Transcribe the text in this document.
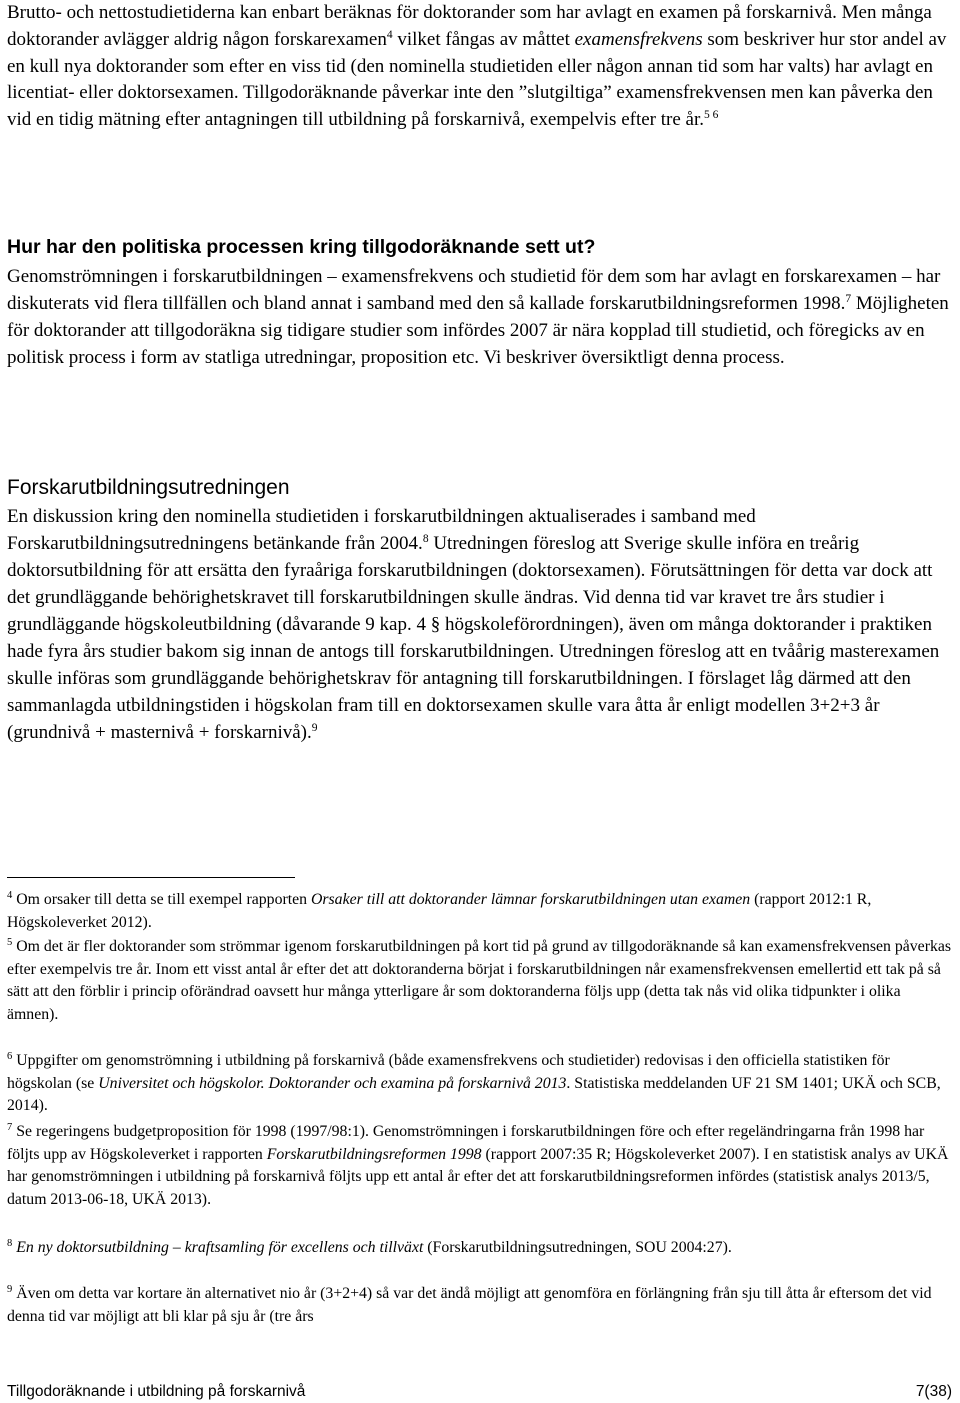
Brutto- och nettostudietiderna kan enbart beräknas för doktorander som har avlagt en examen på forskarnivå. Men många doktorander avlägger aldrig någon forskarexamen$^4$ vilket fångas av måttet examensfrekvens som beskriver hur stor andel av en kull nya doktorander som efter en viss tid (den nominella studietiden eller någon annan tid som har valts) har avlagt en licentiat- eller doktorsexamen. Tillgodoräknande påverkar inte den ”slutgiltiga” examensfrekvensen men kan påverka den vid en tidig mätning efter antagningen till utbildning på forskarnivå, exempelvis efter tre år.$^{5 6}$

Hur har den politiska processen kring tillgodoräknande sett ut?

Genomströmningen i forskarutbildningen – examensfrekvens och studietid för dem som har avlagt en forskarexamen – har diskuterats vid flera tillfällen och bland annat i samband med den så kallade forskarutbildningsreformen 1998.$^7$ Möjligheten för doktorander att tillgodoräkna sig tidigare studier som infördes 2007 är nära kopplad till studietid, och föregicks av en politisk process i form av statliga utredningar, proposition etc. Vi beskriver översiktligt denna process.

Forskarutbildningsutredningen

En diskussion kring den nominella studietiden i forskarutbildningen aktualiserades i samband med Forskarutbildningsutredningens betänkande från 2004.$^8$ Utredningen föreslog att Sverige skulle införa en treårig doktorsutbildning för att ersätta den fyraåriga forskarutbildningen (doktorsexamen). Förutsättningen för detta var dock att det grundläggande behörighetskravet till forskarutbildningen skulle ändras. Vid denna tid var kravet tre års studier i grundläggande högskoleutbildning (dåvarande 9 kap. 4 § högskoleförordningen), även om många doktorander i praktiken hade fyra års studier bakom sig innan de antogs till forskarutbildningen. Utredningen föreslog att en tvåårig masterexamen skulle införas som grundläggande behörighetskrav för antagning till forskarutbildningen. I förslaget låg därmed att den sammanlagda utbildningstiden i högskolan fram till en doktorsexamen skulle vara åtta år enligt modellen 3+2+3 år (grundnivå + masternivå + forskarnivå).$^9$

$^4$ Om orsaker till detta se till exempel rapporten Orsaker till att doktorander lämnar forskarutbildningen utan examen (rapport 2012:1 R, Högskoleverket 2012).

$^5$ Om det är fler doktorander som strömmar igenom forskarutbildningen på kort tid på grund av tillgodoräknande så kan examensfrekvensen påverkas efter exempelvis tre år. Inom ett visst antal år efter det att doktoranderna börjat i forskarutbildningen når examensfrekvensen emellertid ett tak på så sätt att den förblir i princip oförändrad oavsett hur många ytterligare år som doktoranderna följs upp (detta tak nås vid olika tidpunkter i olika ämnen).

$^6$ Uppgifter om genomströmning i utbildning på forskarnivå (både examensfrekvens och studietider) redovisas i den officiella statistiken för högskolan (se Universitet och högskolor. Doktorander och examina på forskarnivå 2013. Statistiska meddelanden UF 21 SM 1401; UKÄ och SCB, 2014).

$^7$ Se regeringens budgetproposition för 1998 (1997/98:1). Genomströmningen i forskarutbildningen före och efter regeländringarna från 1998 har följts upp av Högskoleverket i rapporten Forskarutbildningsreformen 1998 (rapport 2007:35 R; Högskoleverket 2007). I en statistisk analys av UKÄ har genomströmningen i utbildning på forskarnivå följts upp ett antal år efter det att forskarutbildningsreformen infördes (statistisk analys 2013/5, datum 2013-06-18, UKÄ 2013).

$^8$ En ny doktorsutbildning – kraftsamling för excellens och tillväxt (Forskarutbildningsutredningen, SOU 2004:27).

$^9$ Även om detta var kortare än alternativet nio år (3+2+4) så var det ändå möjligt att genomföra en förlängning från sju till åtta år eftersom det vid denna tid var möjligt att bli klar på sju år (tre års

Tillgodoräknande i utbildning på forskarnivå	7(38)
